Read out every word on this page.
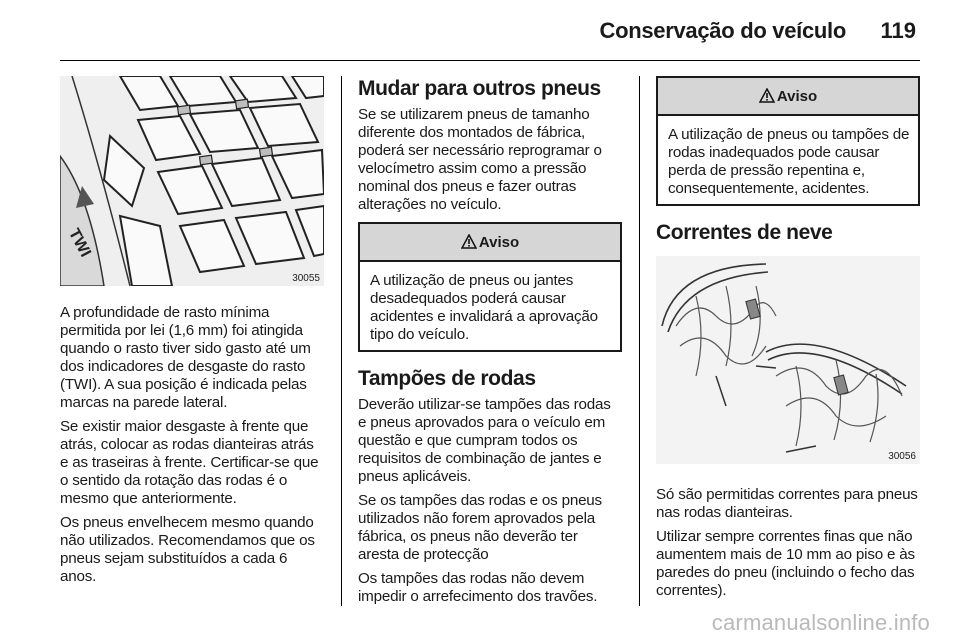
Conservação do veículo 119
TWI
30055

A profundidade de rasto mínima permitida por lei (1,6 mm) foi atingida quando o rasto tiver sido gasto até um dos indicadores de desgaste do rasto (TWI). A sua posição é indicada pelas marcas na parede lateral.

Se existir maior desgaste à frente que atrás, colocar as rodas dianteiras atrás e as traseiras à frente. Certificar-se que o sentido da rotação das rodas é o mesmo que anteriormente.

Os pneus envelhecem mesmo quando não utilizados. Recomendamos que os pneus sejam substituídos a cada 6 anos.

Mudar para outros pneus

Se se utilizarem pneus de tamanho diferente dos montados de fábrica, poderá ser necessário reprogramar o velocímetro assim como a pressão nominal dos pneus e fazer outras alterações no veículo.

Aviso

A utilização de pneus ou jantes desadequados poderá causar acidentes e invalidará a aprovação tipo do veículo.

Tampões de rodas

Deverão utilizar-se tampões das rodas e pneus aprovados para o veículo em questão e que cumpram todos os requisitos de combinação de jantes e pneus aplicáveis.

Se os tampões das rodas e os pneus utilizados não forem aprovados pela fábrica, os pneus não deverão ter aresta de protecção

Os tampões das rodas não devem impedir o arrefecimento dos travões.

Aviso

A utilização de pneus ou tampões de rodas inadequados pode causar perda de pressão repentina e, consequentemente, acidentes.

Correntes de neve
30056

Só são permitidas correntes para pneus nas rodas dianteiras.

Utilizar sempre correntes finas que não aumentem mais de 10 mm ao piso e às paredes do pneu (incluindo o fecho das correntes).

carmanualsonline.info
